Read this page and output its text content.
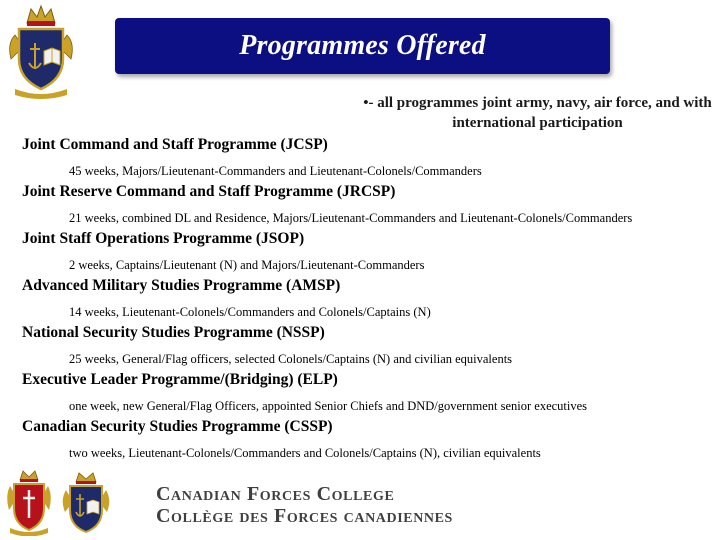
Programmes Offered
•- all programmes joint army, navy, air force, and with international participation
Joint Command and Staff Programme (JCSP)
45 weeks, Majors/Lieutenant-Commanders and Lieutenant-Colonels/Commanders
Joint Reserve Command and Staff Programme (JRCSP)
21 weeks, combined DL and Residence, Majors/Lieutenant-Commanders and Lieutenant-Colonels/Commanders
Joint Staff Operations Programme (JSOP)
2 weeks, Captains/Lieutenant (N) and Majors/Lieutenant-Commanders
Advanced Military Studies Programme (AMSP)
14 weeks, Lieutenant-Colonels/Commanders and Colonels/Captains (N)
National Security Studies Programme (NSSP)
25 weeks, General/Flag officers, selected Colonels/Captains (N) and civilian equivalents
Executive Leader Programme/(Bridging) (ELP)
one week, new General/Flag Officers, appointed Senior Chiefs and DND/government senior executives
Canadian Security Studies Programme (CSSP)
two weeks, Lieutenant-Colonels/Commanders and Colonels/Captains (N), civilian equivalents
Canadian Forces College
Collège des Forces canadiennes
